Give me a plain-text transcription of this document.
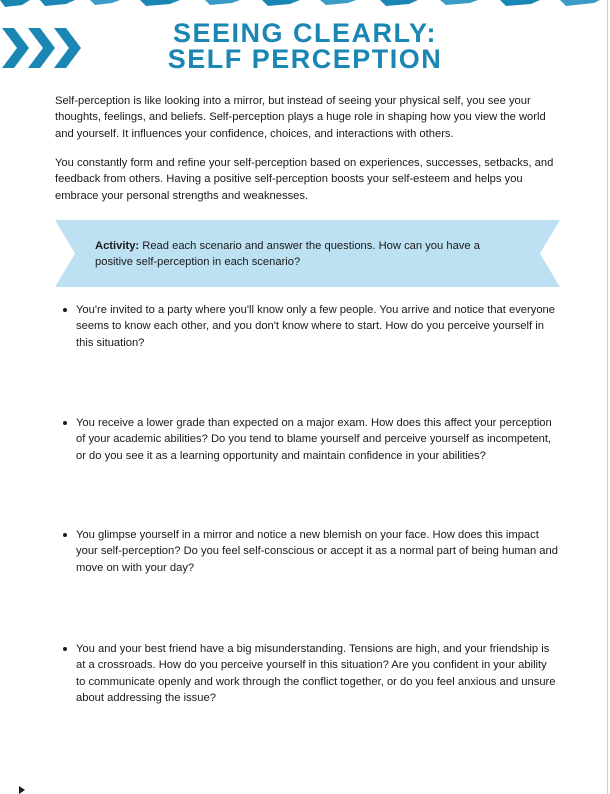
SEEING CLEARLY:
SELF PERCEPTION

Self-perception is like looking into a mirror, but instead of seeing your physical self, you see your thoughts, feelings, and beliefs. Self-perception plays a huge role in shaping how you view the world and yourself. It influences your confidence, choices, and interactions with others.

You constantly form and refine your self-perception based on experiences, successes, setbacks, and feedback from others. Having a positive self-perception boosts your self-esteem and helps you embrace your personal strengths and weaknesses.

Activity: Read each scenario and answer the questions. How can you have a positive self-perception in each scenario?

You're invited to a party where you'll know only a few people. You arrive and notice that everyone seems to know each other, and you don't know where to start. How do you perceive yourself in this situation?
You receive a lower grade than expected on a major exam. How does this affect your perception of your academic abilities? Do you tend to blame yourself and perceive yourself as incompetent, or do you see it as a learning opportunity and maintain confidence in your abilities?
You glimpse yourself in a mirror and notice a new blemish on your face. How does this impact your self-perception? Do you feel self-conscious or accept it as a normal part of being human and move on with your day?
You and your best friend have a big misunderstanding. Tensions are high, and your friendship is at a crossroads. How do you perceive yourself in this situation? Are you confident in your ability to communicate openly and work through the conflict together, or do you feel anxious and unsure about addressing the issue?
